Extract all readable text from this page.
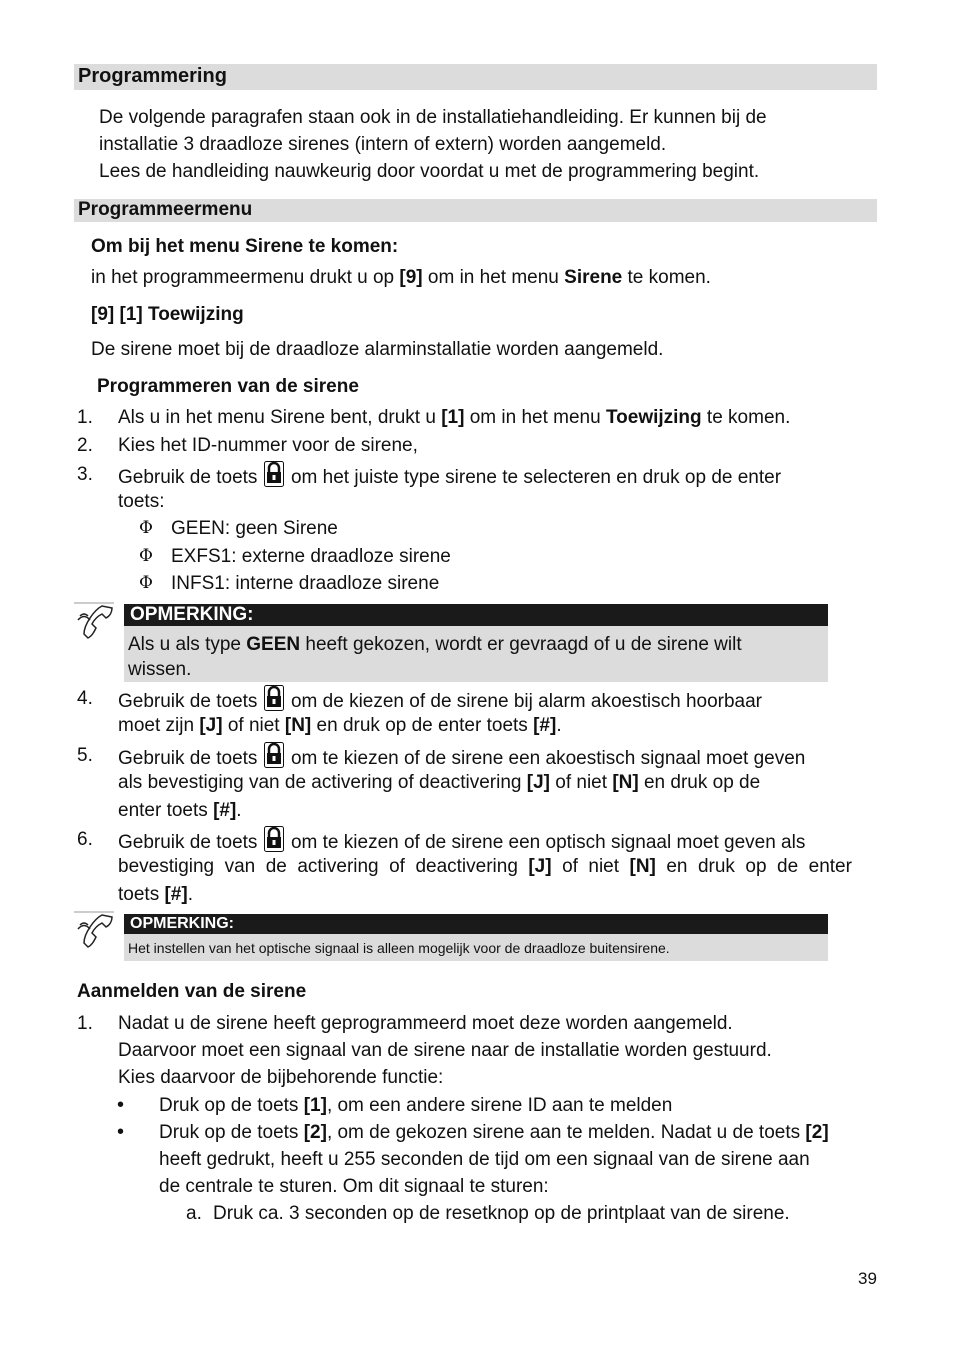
Programmering
De volgende paragrafen staan ook in de installatiehandleiding. Er kunnen bij de
installatie 3 draadloze sirenes (intern of extern) worden aangemeld.
Lees de handleiding nauwkeurig door voordat u met de programmering begint.
Programmeermenu
Om bij het menu Sirene te komen:
in het programmeermenu drukt u op [9] om in het menu Sirene te komen.
[9] [1] Toewijzing
De sirene moet bij de draadloze alarminstallatie worden aangemeld.
Programmeren van de sirene
1.	Als u in het menu Sirene bent, drukt u [1] om in het menu Toewijzing te komen.
2.	Kies het ID-nummer voor de sirene,
3.	Gebruik de toets  om het juiste type sirene te selecteren en druk op de enter
toets:
Φ GEEN: geen Sirene
Φ EXFS1: externe draadloze sirene
Φ INFS1: interne draadloze sirene
OPMERKING:
Als u als type GEEN heeft gekozen, wordt er gevraagd of u de sirene wilt
wissen.
4.	Gebruik de toets  om de kiezen of de sirene bij alarm akoestisch hoorbaar
moet zijn [J] of niet [N] en druk op de enter toets [#].
5.	Gebruik de toets  om te kiezen of de sirene een akoestisch signaal moet geven
als bevestiging van de activering of deactivering [J] of niet [N] en druk op de
enter toets [#].
6.	Gebruik de toets  om te kiezen of de sirene een optisch signaal moet geven als
bevestiging van de activering of deactivering [J] of niet [N] en druk op de enter
toets [#].
OPMERKING:
Het instellen van het optische signaal is alleen mogelijk voor de draadloze buitensirene.
Aanmelden van de sirene
1.	Nadat u de sirene heeft geprogrammeerd moet deze worden aangemeld.
Daarvoor moet een signaal van de sirene naar de installatie worden gestuurd.
Kies daarvoor de bijbehorende functie:
• Druk op de toets [1], om een andere sirene ID aan te melden
• Druk op de toets [2], om de gekozen sirene aan te melden. Nadat u de toets [2]
heeft gedrukt, heeft u 255 seconden de tijd om een signaal van de sirene aan
de centrale te sturen. Om dit signaal te sturen:
a. Druk ca. 3 seconden op de resetknop op de printplaat van de sirene.
39
